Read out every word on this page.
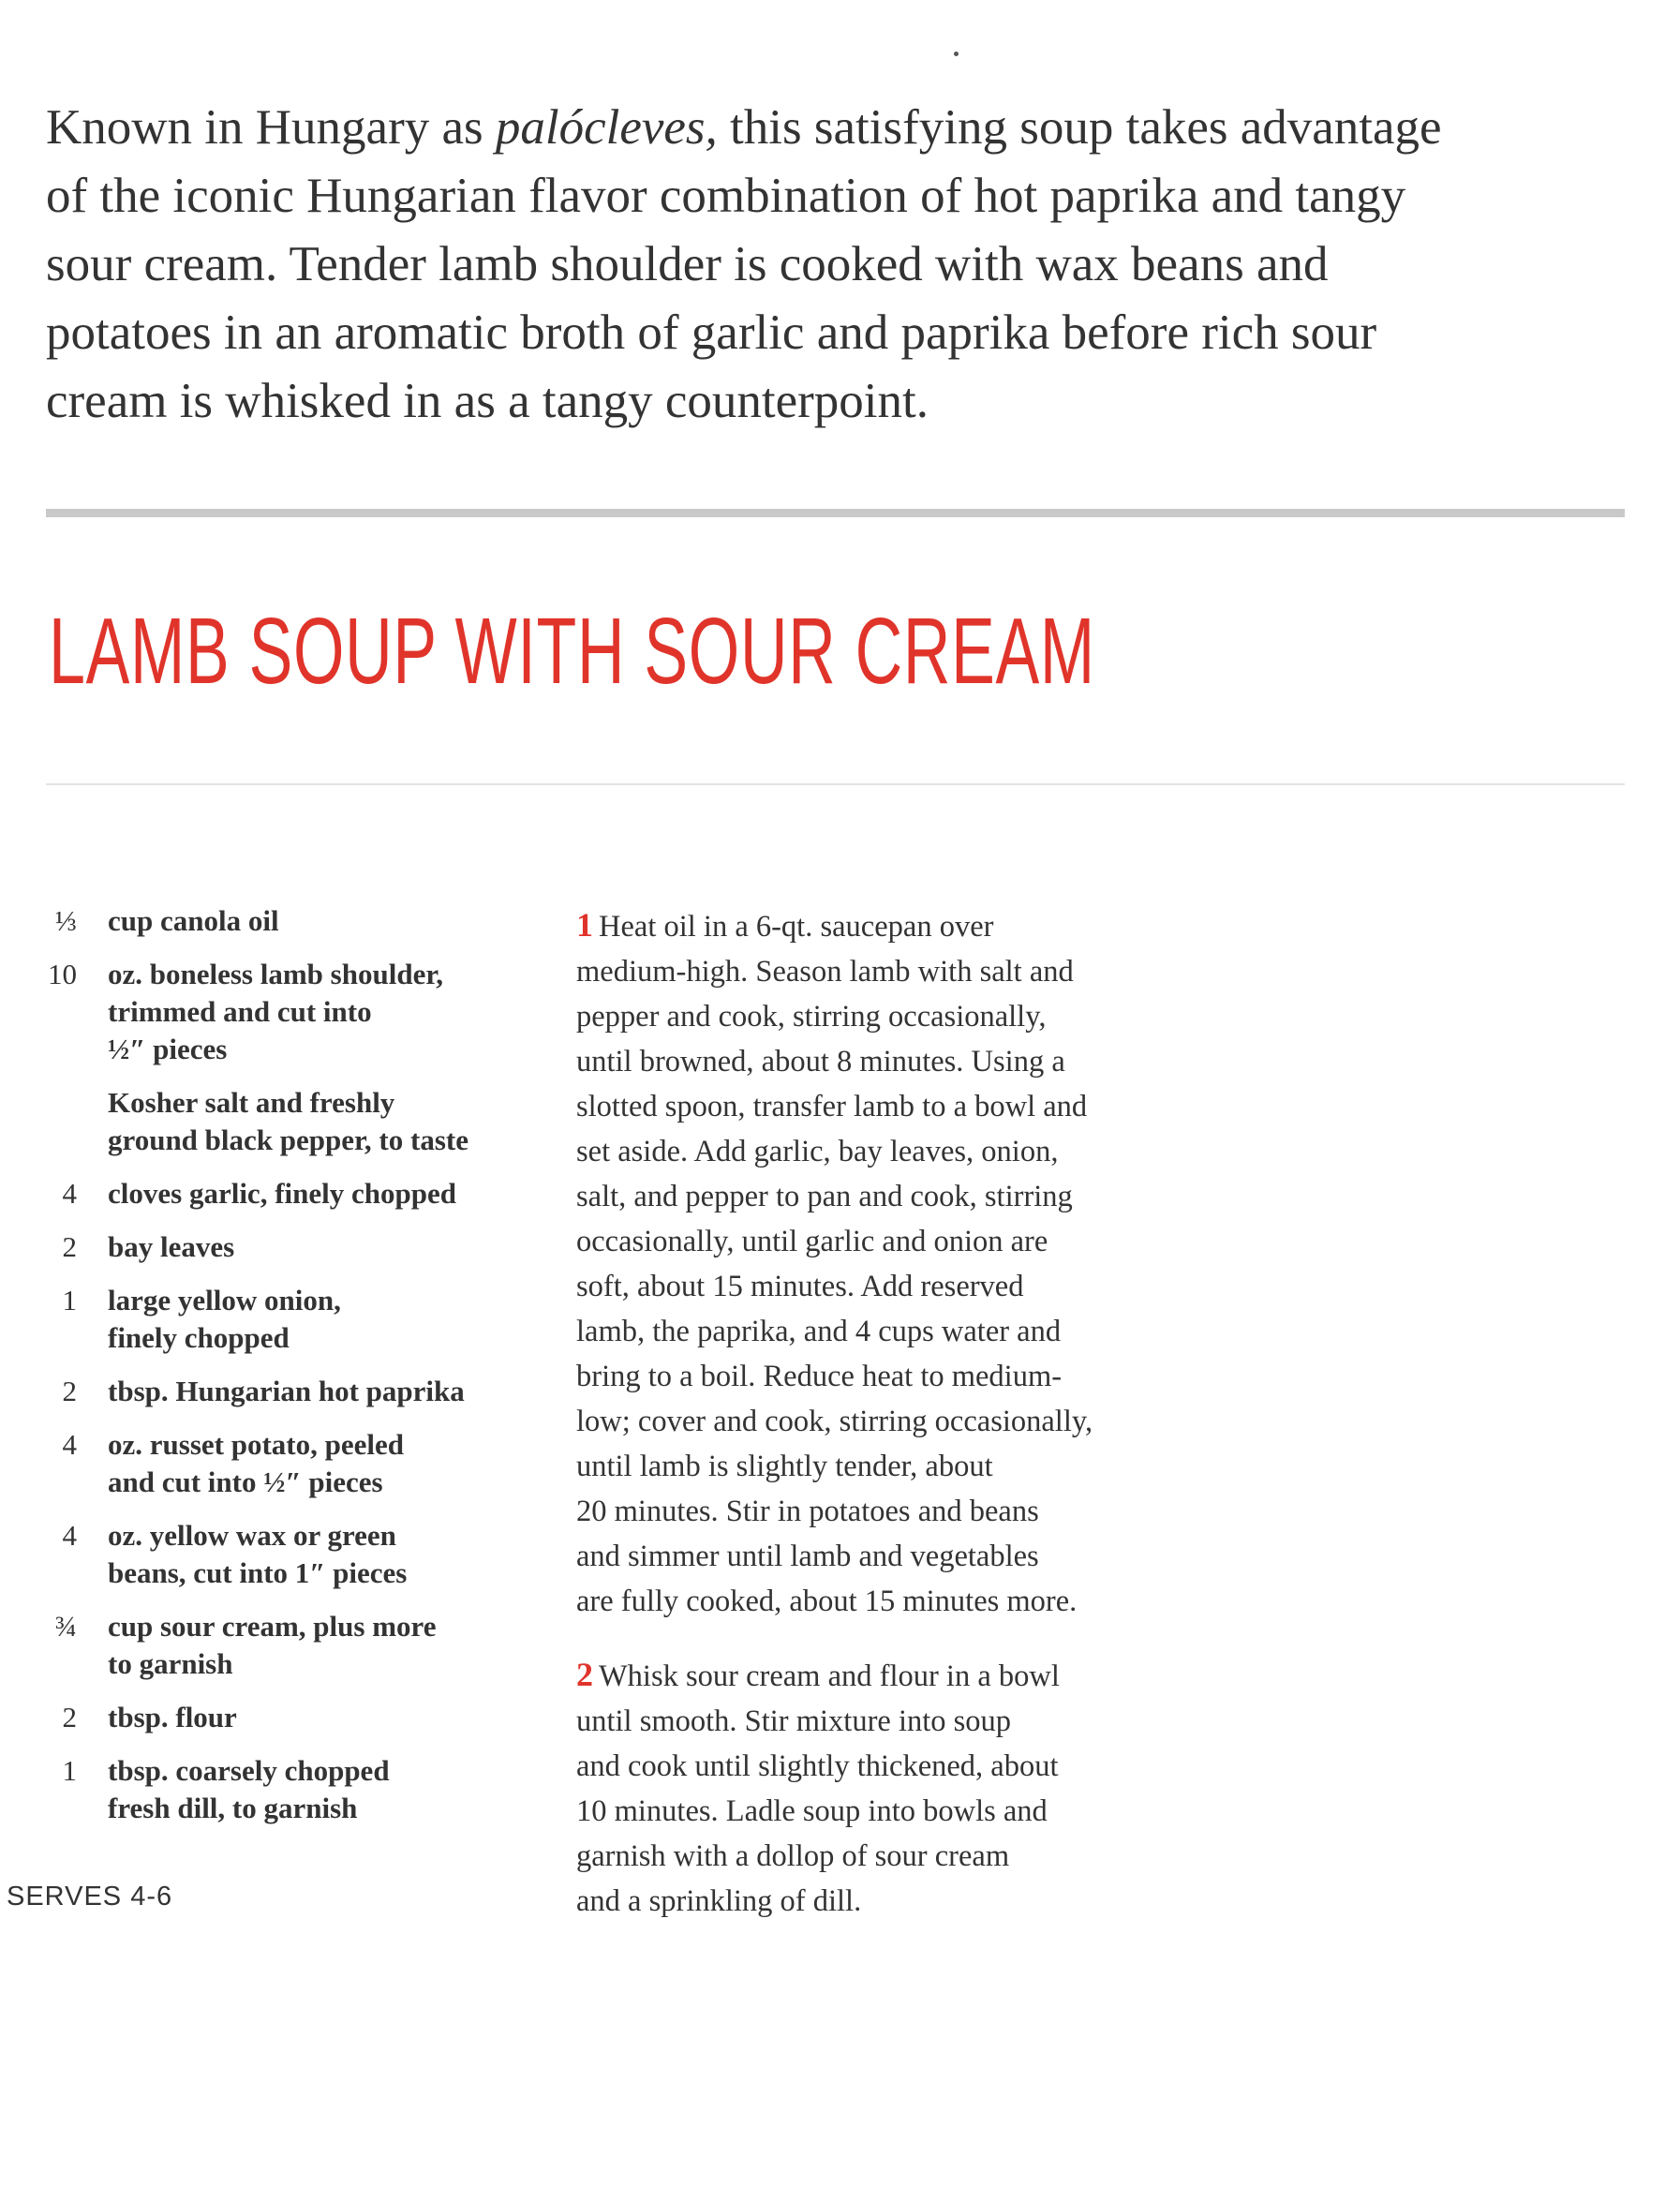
Known in Hungary as palócleves, this satisfying soup takes advantage
of the iconic Hungarian flavor combination of hot paprika and tangy
sour cream. Tender lamb shoulder is cooked with wax beans and
potatoes in an aromatic broth of garlic and paprika before rich sour
cream is whisked in as a tangy counterpoint.
LAMB SOUP WITH SOUR CREAM
⅓ cup canola oil
10 oz. boneless lamb shoulder,
trimmed and cut into
½″ pieces
Kosher salt and freshly
ground black pepper, to taste
4 cloves garlic, finely chopped
2 bay leaves
1 large yellow onion,
finely chopped
2 tbsp. Hungarian hot paprika
4 oz. russet potato, peeled
and cut into ½″ pieces
4 oz. yellow wax or green
beans, cut into 1″ pieces
¾ cup sour cream, plus more
to garnish
2 tbsp. flour
1 tbsp. coarsely chopped
fresh dill, to garnish
1 Heat oil in a 6-qt. saucepan over
medium-high. Season lamb with salt and
pepper and cook, stirring occasionally,
until browned, about 8 minutes. Using a
slotted spoon, transfer lamb to a bowl and
set aside. Add garlic, bay leaves, onion,
salt, and pepper to pan and cook, stirring
occasionally, until garlic and onion are
soft, about 15 minutes. Add reserved
lamb, the paprika, and 4 cups water and
bring to a boil. Reduce heat to medium-
low; cover and cook, stirring occasionally,
until lamb is slightly tender, about
20 minutes. Stir in potatoes and beans
and simmer until lamb and vegetables
are fully cooked, about 15 minutes more.
2 Whisk sour cream and flour in a bowl
until smooth. Stir mixture into soup
and cook until slightly thickened, about
10 minutes. Ladle soup into bowls and
garnish with a dollop of sour cream
and a sprinkling of dill.
SERVES 4-6
